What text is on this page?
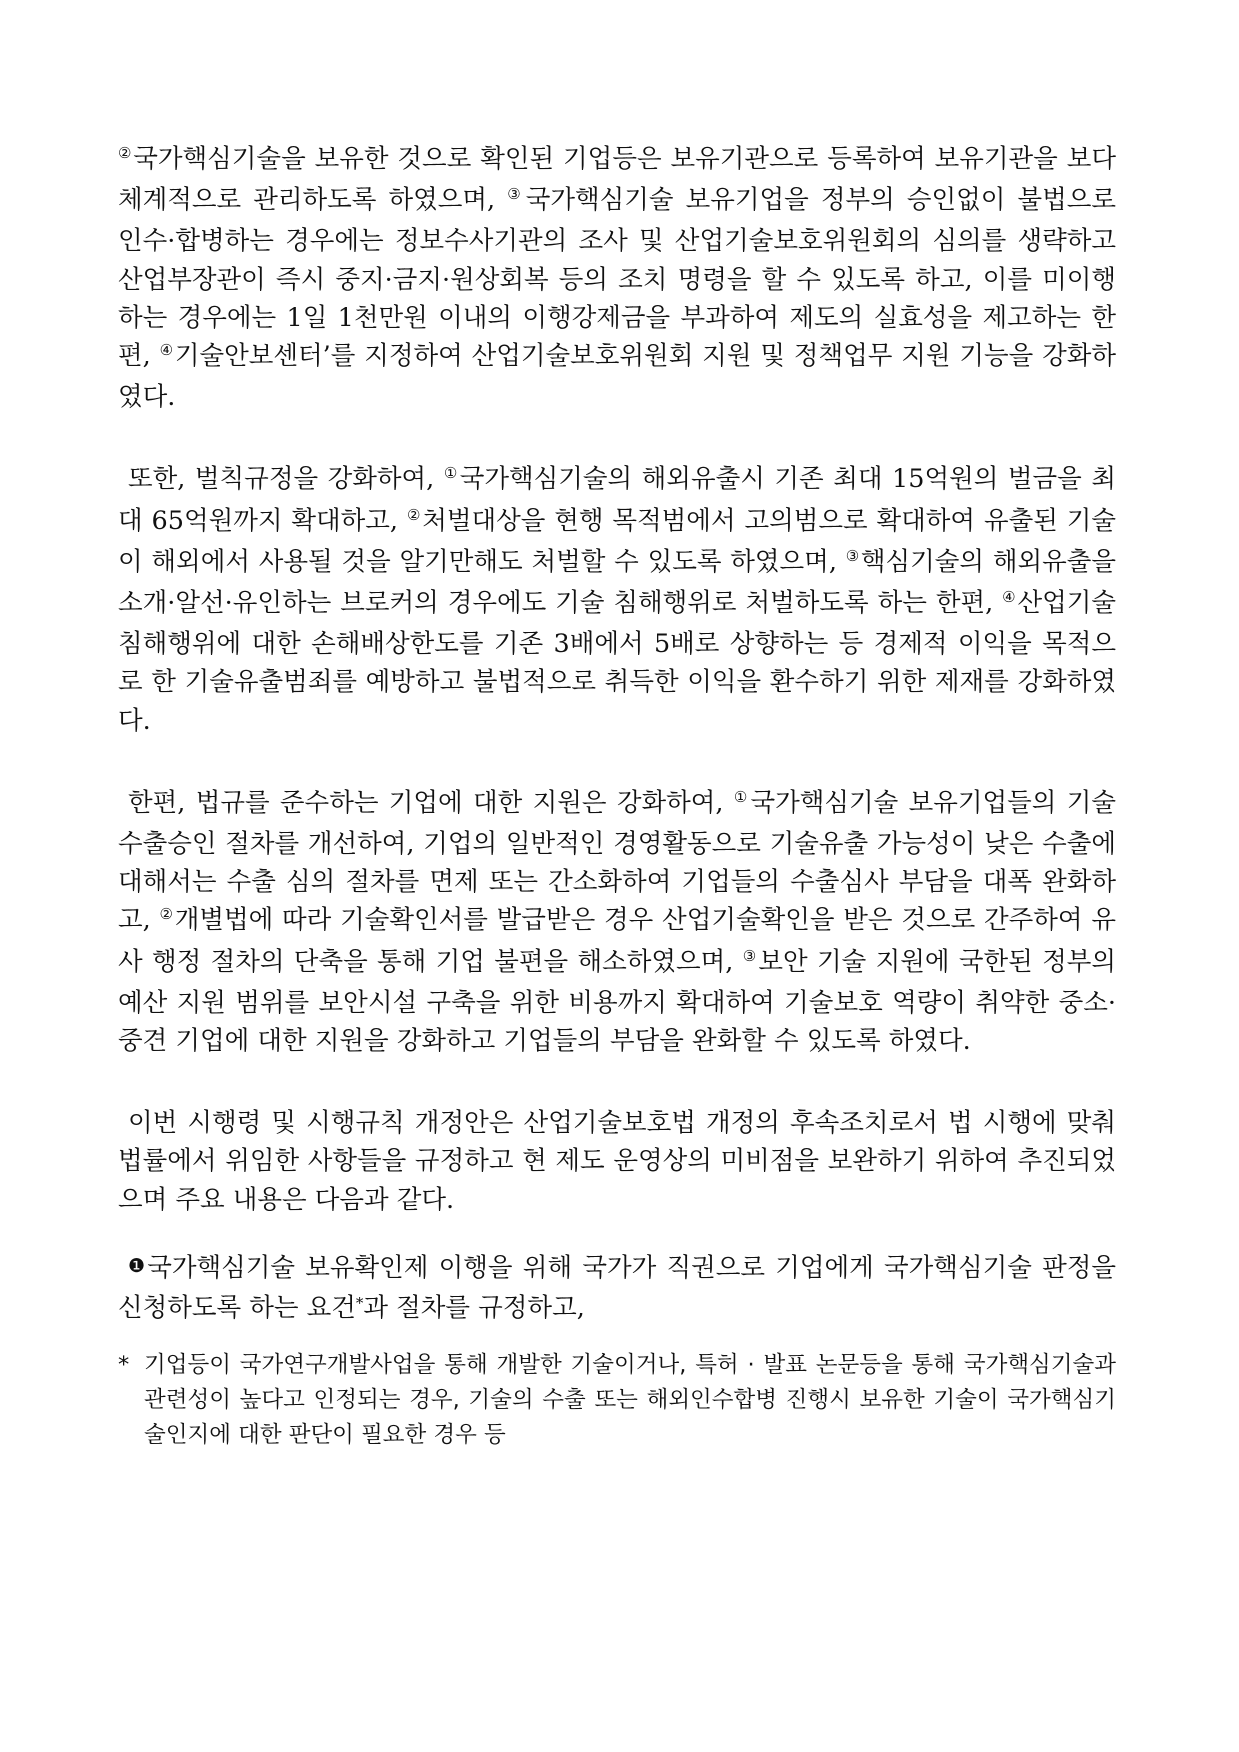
②국가핵심기술을 보유한 것으로 확인된 기업등은 보유기관으로 등록하여 보유기관을 보다 체계적으로 관리하도록 하였으며, ③국가핵심기술 보유기업을 정부의 승인없이 불법으로 인수·합병하는 경우에는 정보수사기관의 조사 및 산업기술보호위원회의 심의를 생략하고 산업부장관이 즉시 중지·금지·원상회복 등의 조치 명령을 할 수 있도록 하고, 이를 미이행하는 경우에는 1일 1천만원 이내의 이행강제금을 부과하여 제도의 실효성을 제고하는 한편, ④기술안보센터’를 지정하여 산업기술보호위원회 지원 및 정책업무 지원 기능을 강화하였다.

또한, 벌칙규정을 강화하여, ①국가핵심기술의 해외유출시 기존 최대 15억원의 벌금을 최대 65억원까지 확대하고, ②처벌대상을 현행 목적범에서 고의범으로 확대하여 유출된 기술이 해외에서 사용될 것을 알기만해도 처벌할 수 있도록 하였으며, ③핵심기술의 해외유출을 소개·알선·유인하는 브로커의 경우에도 기술 침해행위로 처벌하도록 하는 한편, ④산업기술 침해행위에 대한 손해배상한도를 기존 3배에서 5배로 상향하는 등 경제적 이익을 목적으로 한 기술유출범죄를 예방하고 불법적으로 취득한 이익을 환수하기 위한 제재를 강화하였다.

한편, 법규를 준수하는 기업에 대한 지원은 강화하여, ①국가핵심기술 보유기업들의 기술 수출승인 절차를 개선하여, 기업의 일반적인 경영활동으로 기술유출 가능성이 낮은 수출에 대해서는 수출 심의 절차를 면제 또는 간소화하여 기업들의 수출심사 부담을 대폭 완화하고, ②개별법에 따라 기술확인서를 발급받은 경우 산업기술확인을 받은 것으로 간주하여 유사 행정 절차의 단축을 통해 기업 불편을 해소하였으며, ③보안 기술 지원에 국한된 정부의 예산 지원 범위를 보안시설 구축을 위한 비용까지 확대하여 기술보호 역량이 취약한 중소·중견 기업에 대한 지원을 강화하고 기업들의 부담을 완화할 수 있도록 하였다.

이번 시행령 및 시행규칙 개정안은 산업기술보호법 개정의 후속조치로서 법 시행에 맞춰 법률에서 위임한 사항들을 규정하고 현 제도 운영상의 미비점을 보완하기 위하여 추진되었으며 주요 내용은 다음과 같다.

❶국가핵심기술 보유확인제 이행을 위해 국가가 직권으로 기업에게 국가핵심기술 판정을 신청하도록 하는 요건*과 절차를 규정하고,

* 기업등이 국가연구개발사업을 통해 개발한 기술이거나, 특허 · 발표 논문등을 통해 국가핵심기술과 관련성이 높다고 인정되는 경우, 기술의 수출 또는 해외인수합병 진행시 보유한 기술이 국가핵심기술인지에 대한 판단이 필요한 경우 등
